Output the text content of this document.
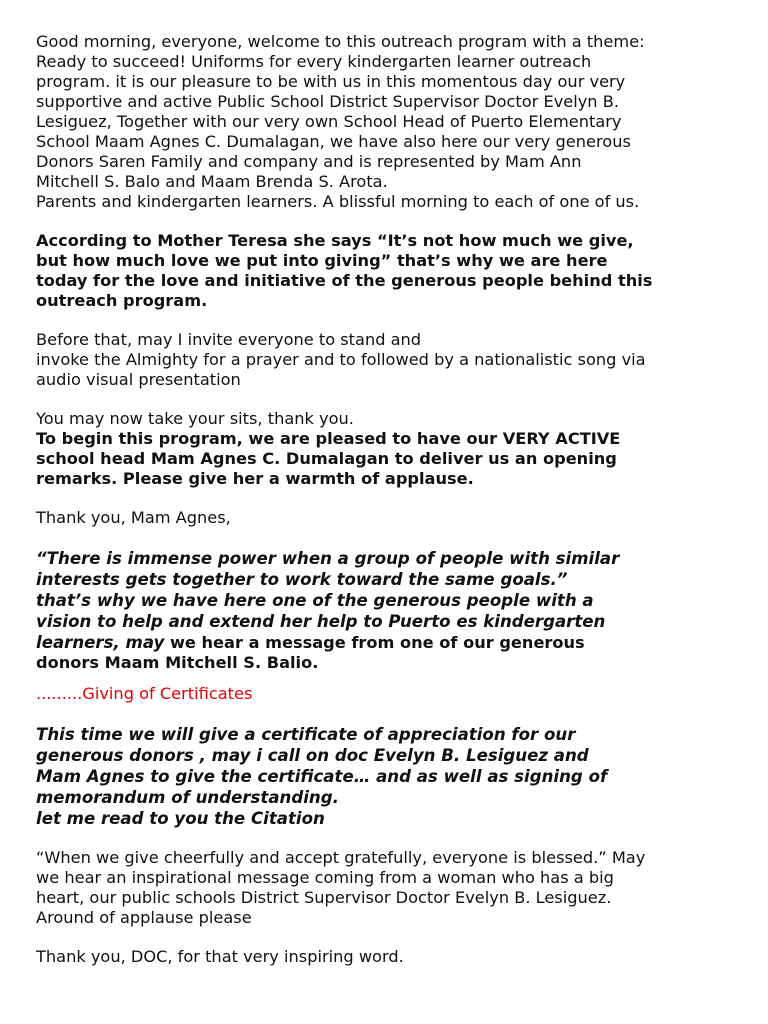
Good morning, everyone, welcome to this outreach program with a theme:
Ready to succeed! Uniforms for every kindergarten learner outreach
program. it is our pleasure to be with us in this momentous day our very
supportive and active Public School District Supervisor Doctor Evelyn B.
Lesiguez, Together with our very own School Head of Puerto Elementary
School Maam Agnes C. Dumalagan, we have also here our very generous
Donors Saren Family and company and is represented by Mam Ann
Mitchell S. Balo and Maam Brenda S. Arota.
Parents and kindergarten learners. A blissful morning to each of one of us.

According to Mother Teresa she says “It’s not how much we give,
but how much love we put into giving” that’s why we are here
today for the love and initiative of the generous people behind this
outreach program.

Before that, may I invite everyone to stand and
invoke the Almighty for a prayer and to followed by a nationalistic song via
audio visual presentation

You may now take your sits, thank you.

To begin this program, we are pleased to have our VERY ACTIVE
school head Mam Agnes C. Dumalagan to deliver us an opening
remarks. Please give her a warmth of applause.

Thank you, Mam Agnes,

“There is immense power when a group of people with similar
interests gets together to work toward the same goals.”
that’s why we have here one of the generous people with a
vision to help and extend her help to Puerto es kindergarten
learners, may we hear a message from one of our generous
donors Maam Mitchell S. Balio.

.........Giving of Certificates

This time we will give a certificate of appreciation for our
generous donors , may i call on doc Evelyn B. Lesiguez and
Mam Agnes to give the certificate… and as well as signing of
memorandum of understanding.
let me read to you the Citation

“When we give cheerfully and accept gratefully, everyone is blessed.” May
we hear an inspirational message coming from a woman who has a big
heart, our public schools District Supervisor Doctor Evelyn B. Lesiguez.
Around of applause please

Thank you, DOC, for that very inspiring word.
